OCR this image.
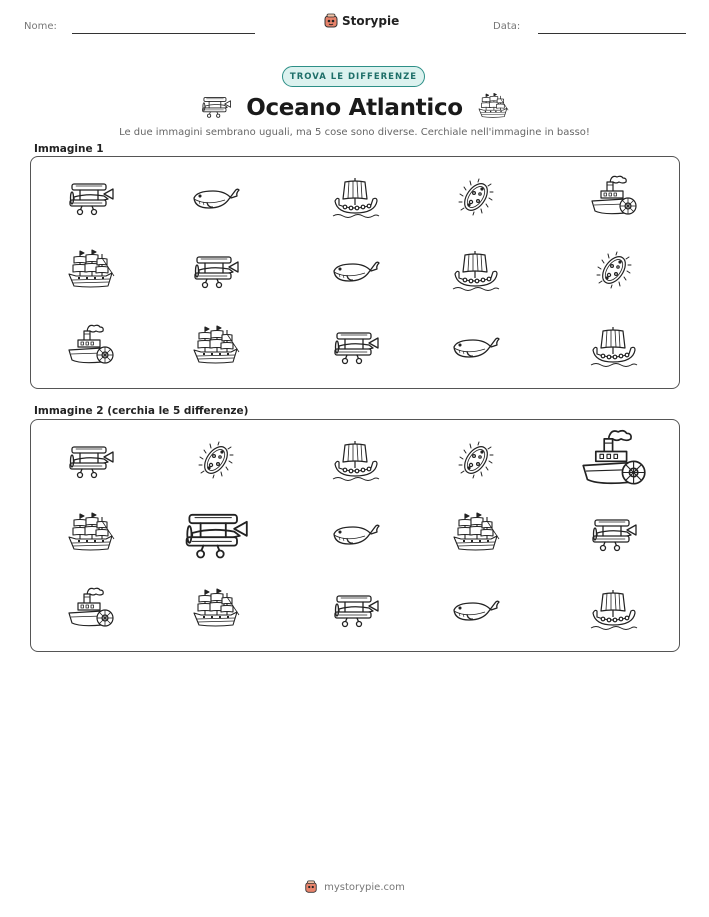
Nome:	Storypie	Data:
TROVA LE DIFFERENZE
Oceano Atlantico
Le due immagini sembrano uguali, ma 5 cose sono diverse. Cerchiale nell'immagine in basso!
Immagine 1
Immagine 2 (cerchia le 5 differenze)
mystorypie.com
